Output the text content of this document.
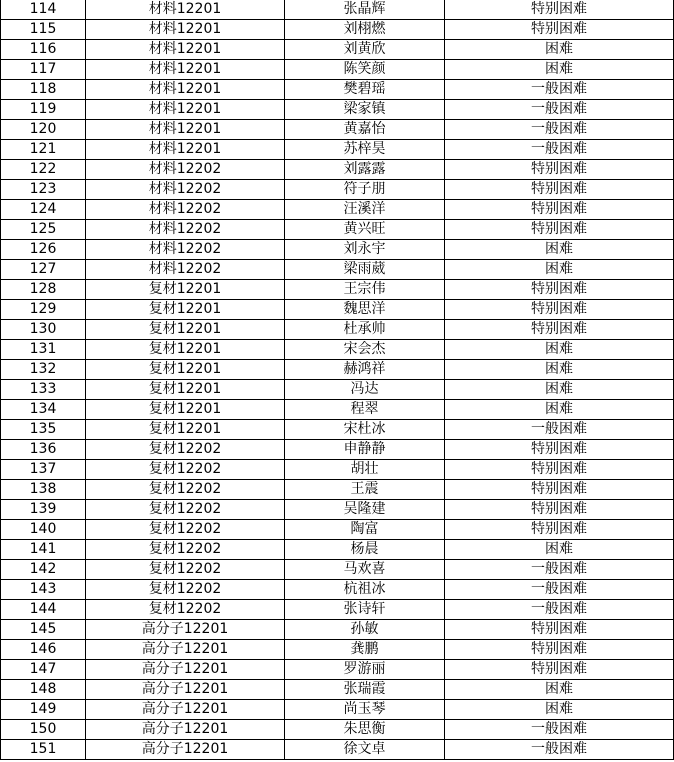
114	材料12201	张晶辉	特别困难
115	材料12201	刘栩燃	特别困难
116	材料12201	刘黄欣	困难
117	材料12201	陈笑颜	困难
118	材料12201	樊碧瑶	一般困难
119	材料12201	梁家镇	一般困难
120	材料12201	黄嘉怡	一般困难
121	材料12201	苏梓昊	一般困难
122	材料12202	刘露露	特别困难
123	材料12202	符子朋	特别困难
124	材料12202	汪溪洋	特别困难
125	材料12202	黄兴旺	特别困难
126	材料12202	刘永宇	困难
127	材料12202	梁雨葳	困难
128	复材12201	王宗伟	特别困难
129	复材12201	魏思洋	特别困难
130	复材12201	杜承帅	特别困难
131	复材12201	宋会杰	困难
132	复材12201	赫鸿祥	困难
133	复材12201	冯达	困难
134	复材12201	程翠	困难
135	复材12201	宋杜冰	一般困难
136	复材12202	申静静	特别困难
137	复材12202	胡壮	特别困难
138	复材12202	王震	特别困难
139	复材12202	吴隆建	特别困难
140	复材12202	陶富	特别困难
141	复材12202	杨晨	困难
142	复材12202	马欢喜	一般困难
143	复材12202	杭祖冰	一般困难
144	复材12202	张诗轩	一般困难
145	高分子12201	孙敏	特别困难
146	高分子12201	龚鹏	特别困难
147	高分子12201	罗游丽	特别困难
148	高分子12201	张瑞霞	困难
149	高分子12201	尚玉琴	困难
150	高分子12201	朱思衡	一般困难
151	高分子12201	徐文卓	一般困难
